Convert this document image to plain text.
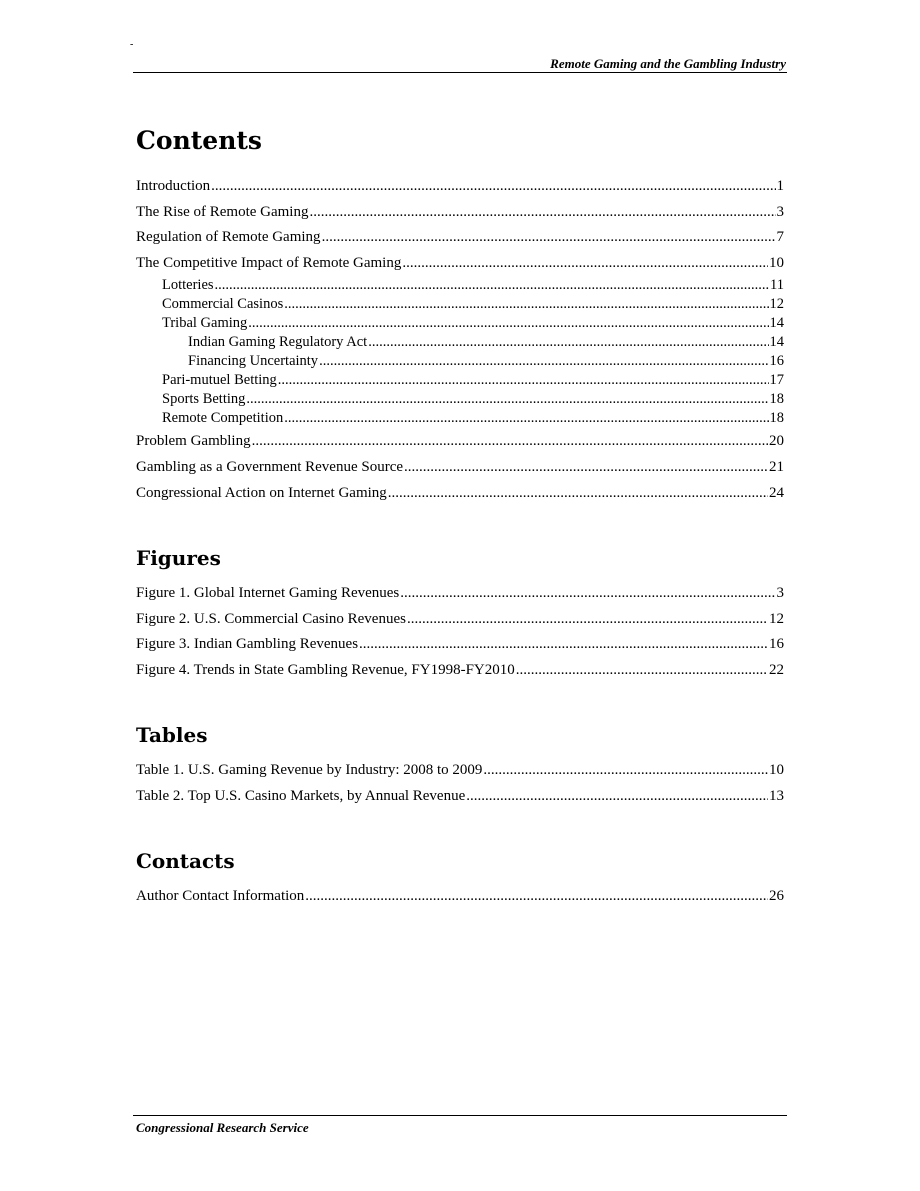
-
Remote Gaming and the Gambling Industry
Contents
Introduction .....	1
The Rise of Remote Gaming .....	3
Regulation of Remote Gaming .....	7
The Competitive Impact of Remote Gaming .....	10
Lotteries .....	11
Commercial Casinos .....	12
Tribal Gaming .....	14
Indian Gaming Regulatory Act .....	14
Financing Uncertainty .....	16
Pari-mutuel Betting .....	17
Sports Betting .....	18
Remote Competition .....	18
Problem Gambling .....	20
Gambling as a Government Revenue Source .....	21
Congressional Action on Internet Gaming .....	24
Figures
Figure 1. Global Internet Gaming Revenues .....	3
Figure 2. U.S. Commercial Casino Revenues .....	12
Figure 3. Indian Gambling Revenues .....	16
Figure 4. Trends in State Gambling Revenue, FY1998-FY2010 .....	22
Tables
Table 1. U.S. Gaming Revenue by Industry: 2008 to 2009 .....	10
Table 2. Top U.S. Casino Markets, by Annual Revenue .....	13
Contacts
Author Contact Information .....	26
Congressional Research Service
